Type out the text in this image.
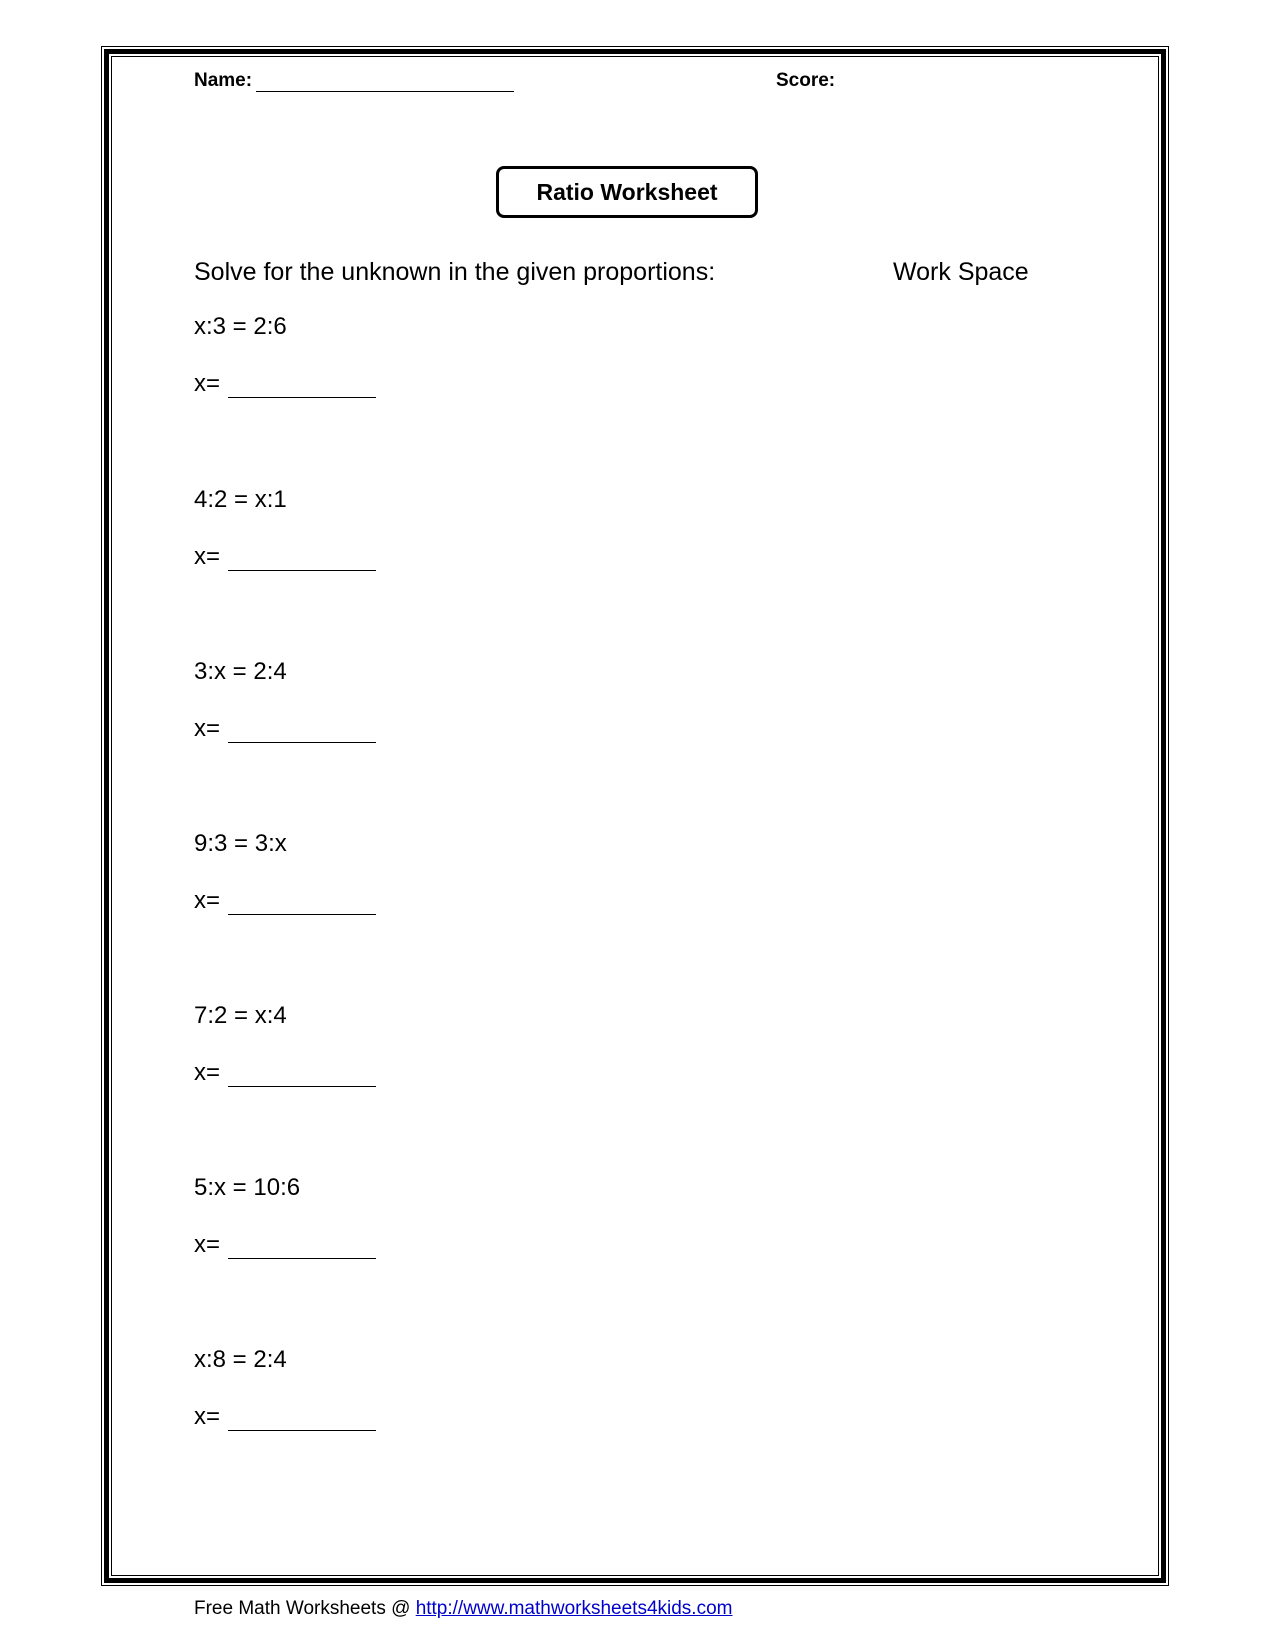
Name:	Score:
Ratio Worksheet
Solve for the unknown in the given proportions:	Work Space
x:3 = 2:6
x=
4:2 = x:1
x=
3:x = 2:4
x=
9:3 = 3:x
x=
7:2 = x:4
x=
5:x = 10:6
x=
x:8 = 2:4
x=
Free Math Worksheets @ http://www.mathworksheets4kids.com
